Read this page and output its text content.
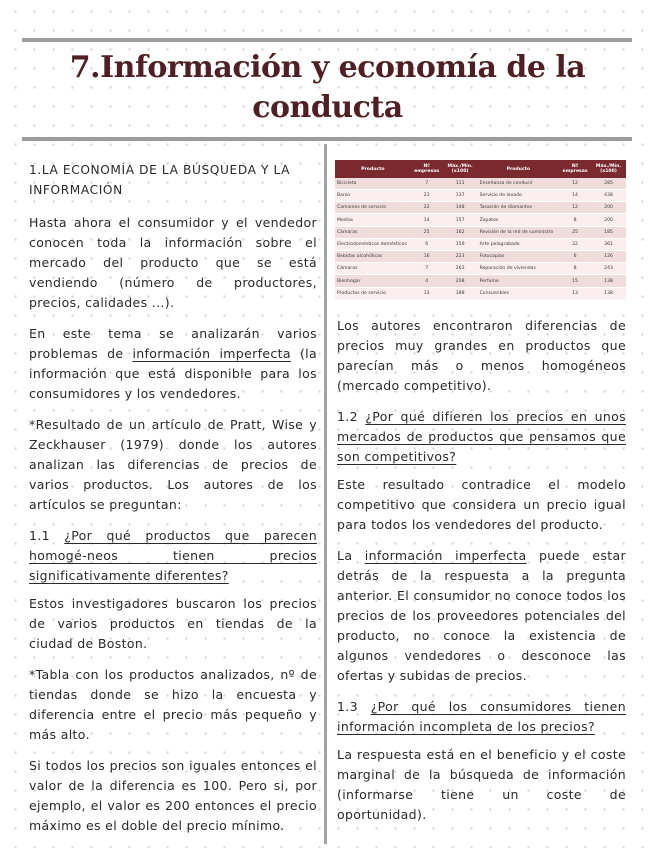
7.Información y economía de la conducta

1.LA ECONOMÍA DE LA BÚSQUEDA Y LA INFORMACIÓN

Hasta ahora el consumidor y el vendedor conocen toda la información sobre el mercado del producto que se está vendiendo (número de productores, precios, calidades ...).

En este tema se analizarán varios problemas de información imperfecta (la información que está disponible para los consumidores y los vendedores.

*Resultado de un artículo de Pratt, Wise y Zeckhauser (1979) donde los autores analizan las diferencias de precios de varios productos. Los autores de los artículos se preguntan:

1.1 ¿Por qué productos que parecen homogé-neos tienen precios significativamente diferentes?

Estos investigadores buscaron los precios de varios productos en tiendas de la ciudad de Boston.

*Tabla con los productos analizados, nº de tiendas donde se hizo la encuesta y diferencia entre el precio más pequeño y más alto.

Si todos los precios son iguales entonces el valor de la diferencia es 100. Pero si, por ejemplo, el valor es 200 entonces el precio máximo es el doble del precio mínimo.

Producto	Nº empresas	Máx./Mín. (x100)	Producto	Nº empresas	Máx./Mín. (x100)
Bicicleta	7	111	Enseñanza de conducir	12	285
Banio	21	137	Servicio de lavado	14	438
Camiones de servicio	22	148	Tasación de diamantes	12	200
Medias	14	157	Zapatos	8	200
Cámaras	25	162	Revisión de la red de suministro	25	185
Electrodomésticos domésticos	6	159	Arte pelograbado	22	361
Bebidas alcohólicas	16	223	Fotocopias	6	126
Cámaras	7	263	Reparación de viviendas	8	243
Bienhogar	4	208	Perfume	15	138
Productos de servicio	13	188	Consumibles	13	138

Los autores encontraron diferencias de precios muy grandes en productos que parecían más o menos homogéneos (mercado competitivo).

1.2 ¿Por qué difieren los precios en unos mercados de productos que pensamos que son competitivos?

Este resultado contradice el modelo competitivo que considera un precio igual para todos los vendedores del producto.

La información imperfecta puede estar detrás de la respuesta a la pregunta anterior. El consumidor no conoce todos los precios de los proveedores potenciales del producto, no conoce la existencia de algunos vendedores o desconoce las ofertas y subidas de precios.

1.3 ¿Por qué los consumidores tienen información incompleta de los precios?

La respuesta está en el beneficio y el coste marginal de la búsqueda de información (informarse tiene un coste de oportunidad).
